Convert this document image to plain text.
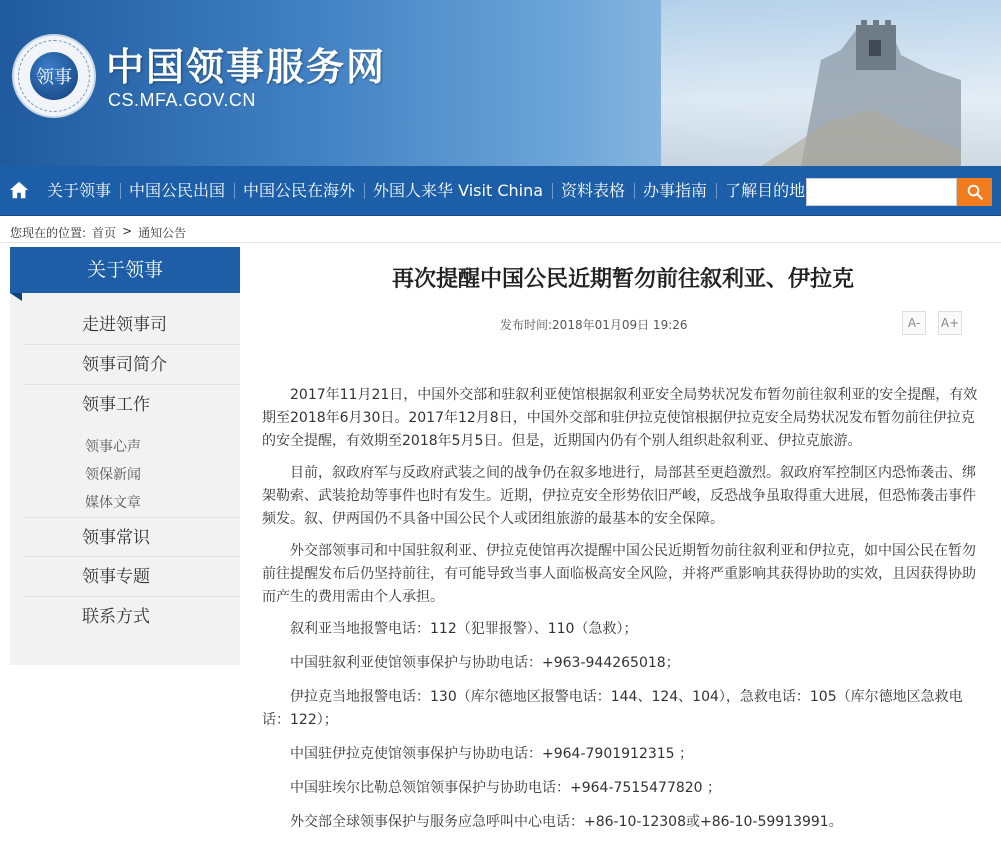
领事 中国领事服务网
CS.MFA.GOV.CN
关于领事	中国公民出国	中国公民在海外	外国人来华 Visit China	资料表格	办事指南	了解目的地
您现在的位置: 首页 > 通知公告
关于领事
走进领事司
领事司简介
领事工作
领事心声
领保新闻
媒体文章
领事常识
领事专题
联系方式
再次提醒中国公民近期暂勿前往叙利亚、伊拉克
发布时间:2018年01月09日 19:26	A-	A+

2017年11月21日，中国外交部和驻叙利亚使馆根据叙利亚安全局势状况发布暂勿前往叙利亚的安全提醒，有效期至2018年6月30日。2017年12月8日，中国外交部和驻伊拉克使馆根据伊拉克安全局势状况发布暂勿前往伊拉克的安全提醒，有效期至2018年5月5日。但是，近期国内仍有个别人组织赴叙利亚、伊拉克旅游。

目前，叙政府军与反政府武装之间的战争仍在叙多地进行，局部甚至更趋激烈。叙政府军控制区内恐怖袭击、绑架勒索、武装抢劫等事件也时有发生。近期，伊拉克安全形势依旧严峻，反恐战争虽取得重大进展，但恐怖袭击事件频发。叙、伊两国仍不具备中国公民个人或团组旅游的最基本的安全保障。

外交部领事司和中国驻叙利亚、伊拉克使馆再次提醒中国公民近期暂勿前往叙利亚和伊拉克，如中国公民在暂勿前往提醒发布后仍坚持前往，有可能导致当事人面临极高安全风险，并将严重影响其获得协助的实效，且因获得协助而产生的费用需由个人承担。

叙利亚当地报警电话：112（犯罪报警）、110（急救）；

中国驻叙利亚使馆领事保护与协助电话：+963-944265018；

伊拉克当地报警电话：130（库尔德地区报警电话：144、124、104），急救电话：105（库尔德地区急救电话：122）；

中国驻伊拉克使馆领事保护与协助电话：+964-7901912315 ；

中国驻埃尔比勒总领馆领事保护与协助电话：+964-7515477820 ；

外交部全球领事保护与服务应急呼叫中心电话：+86-10-12308或+86-10-59913991。
